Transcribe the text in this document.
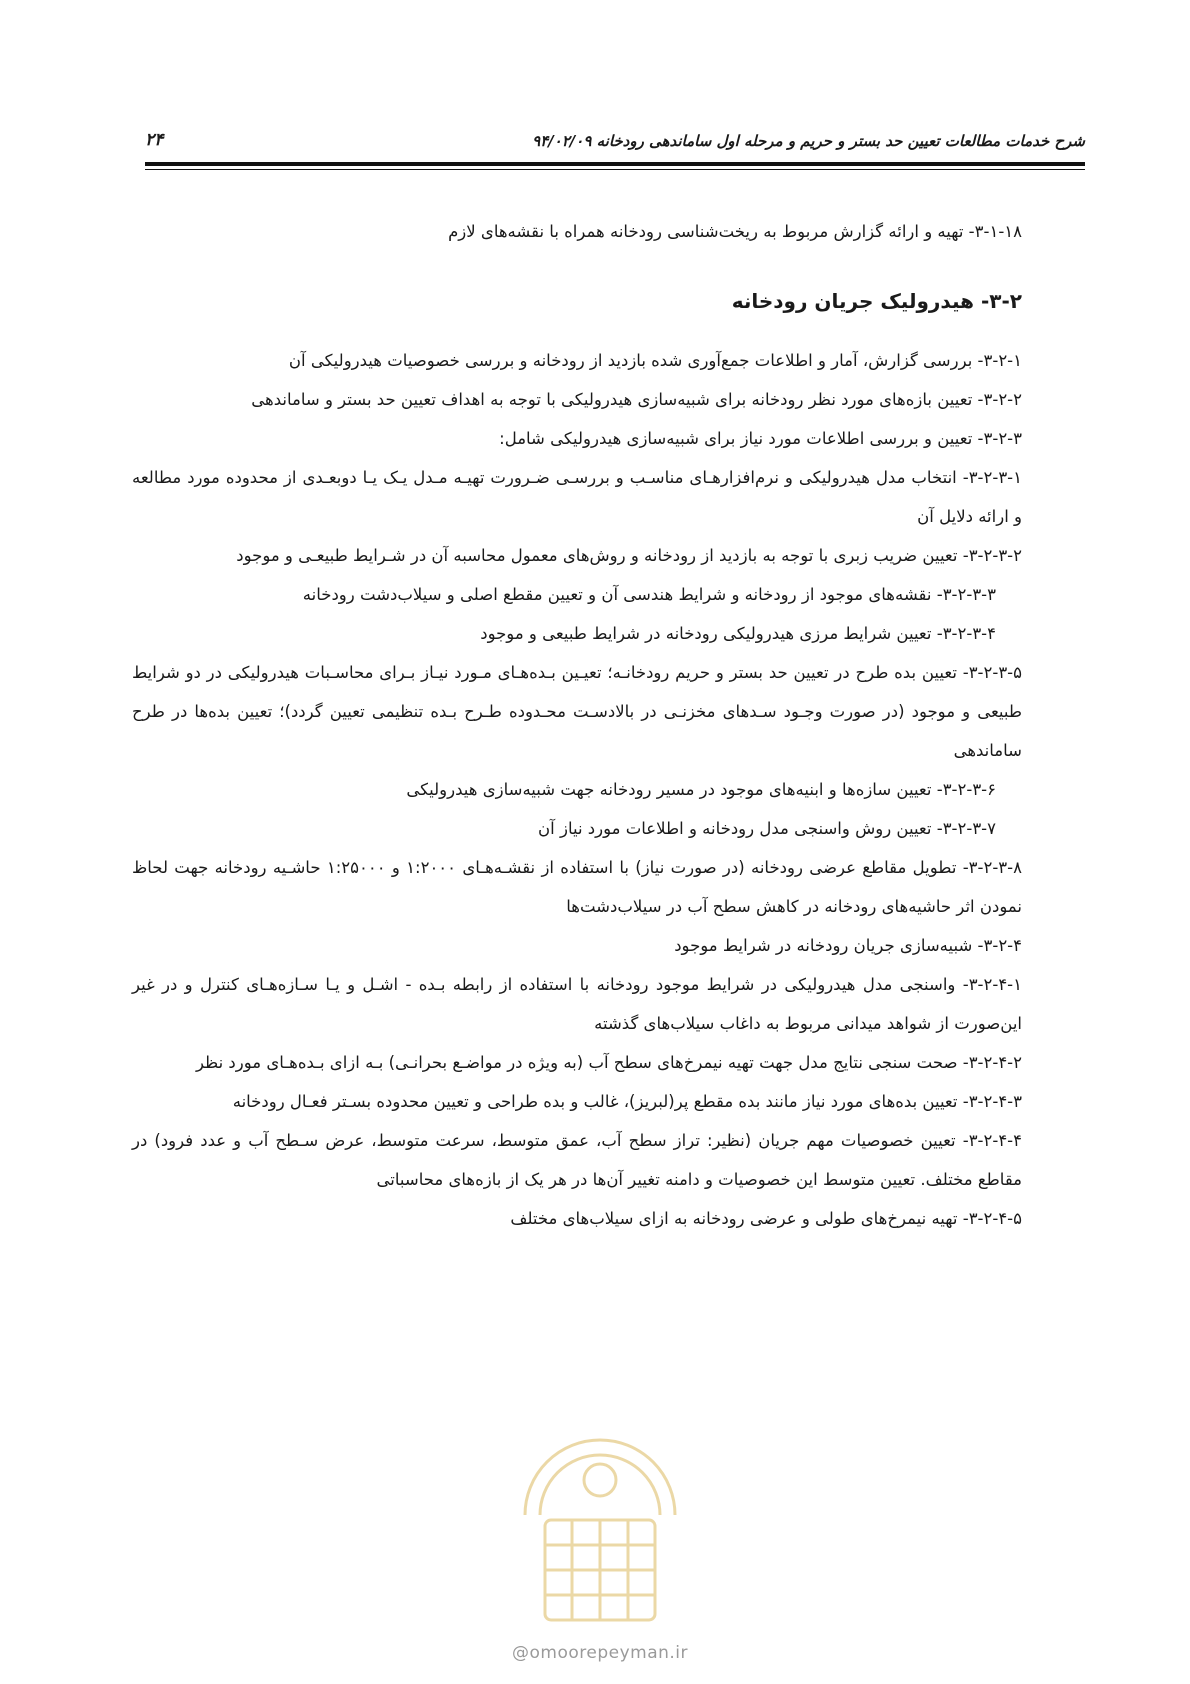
شرح خدمات مطالعات تعیین حد بستر و حریم و مرحله اول ساماندهی رودخانه ۹۴/۰۲/۰۹
۲۴

۳-۱-۱۸- تهیه و ارائه گزارش مربوط به ریخت‌شناسی رودخانه همراه با نقشه‌های لازم

۳-۲- هیدرولیک جریان رودخانه

۳-۲-۱- بررسی گزارش، آمار و اطلاعات جمع‌آوری شده بازدید از رودخانه و بررسی خصوصیات هیدرولیکی آن

۳-۲-۲- تعیین بازه‌های مورد نظر رودخانه برای شبیه‌سازی هیدرولیکی با توجه به اهداف تعیین حد بستر و ساماندهی

۳-۲-۳- تعیین و بررسی اطلاعات مورد نیاز برای شبیه‌سازی هیدرولیکی شامل:

۳-۲-۳-۱- انتخاب مدل هیدرولیکی و نرم‌افزارهـای مناسـب و بررسـی ضـرورت تهیـه مـدل یـک یـا دوبعـدی از محدوده مورد مطالعه و ارائه دلایل آن

۳-۲-۳-۲- تعیین ضریب زبری با توجه به بازدید از رودخانه و روش‌های معمول محاسبه آن در شـرایط طبیعـی و موجود

۳-۲-۳-۳- نقشه‌های موجود از رودخانه و شرایط هندسی آن و تعیین مقطع اصلی و سیلاب‌دشت رودخانه

۳-۲-۳-۴- تعیین شرایط مرزی هیدرولیکی رودخانه در شرایط طبیعی و موجود

۳-۲-۳-۵- تعیین بده طرح در تعیین حد بستر و حریم رودخانـه؛ تعیـین بـده‌هـای مـورد نیـاز بـرای محاسـبات هیدرولیکی در دو شرایط طبیعی و موجود (در صورت وجـود سـدهای مخزنـی در بالادسـت محـدوده طـرح بـده تنظیمی تعیین گردد)؛ تعیین بده‌ها در طرح ساماندهی

۳-۲-۳-۶- تعیین سازه‌ها و ابنیه‌های موجود در مسیر رودخانه جهت شبیه‌سازی هیدرولیکی

۳-۲-۳-۷- تعیین روش واسنجی مدل رودخانه و اطلاعات مورد نیاز آن

۳-۲-۳-۸- تطویل مقاطع عرضی رودخانه (در صورت نیاز) با استفاده از نقشـه‌هـای ۱:۲۰۰۰ و ۱:۲۵۰۰۰ حاشـیه رودخانه جهت لحاظ نمودن اثر حاشیه‌های رودخانه در کاهش سطح آب در سیلاب‌دشت‌ها

۳-۲-۴- شبیه‌سازی جریان رودخانه در شرایط موجود

۳-۲-۴-۱- واسنجی مدل هیدرولیکی در شرایط موجود رودخانه با استفاده از رابطه بـده - اشـل و یـا سـازه‌هـای کنترل و در غیر این‌صورت از شواهد میدانی مربوط به داغاب سیلاب‌های گذشته

۳-۲-۴-۲- صحت سنجی نتایج مدل جهت تهیه نیمرخ‌های سطح آب (به ویژه در مواضـع بحرانـی) بـه ازای بـده‌هـای مورد نظر

۳-۲-۴-۳- تعیین بده‌های مورد نیاز مانند بده مقطع پر(لبریز)، غالب و بده طراحی و تعیین محدوده بسـتر فعـال رودخانه

۳-۲-۴-۴- تعیین خصوصیات مهم جریان (نظیر: تراز سطح آب، عمق متوسط، سرعت متوسط، عرض سـطح آب و عدد فرود) در مقاطع مختلف. تعیین متوسط این خصوصیات و دامنه تغییر آن‌ها در هر یک از بازه‌های محاسباتی

۳-۲-۴-۵- تهیه نیمرخ‌های طولی و عرضی رودخانه به ازای سیلاب‌های مختلف

@omoorepeyman.ir
